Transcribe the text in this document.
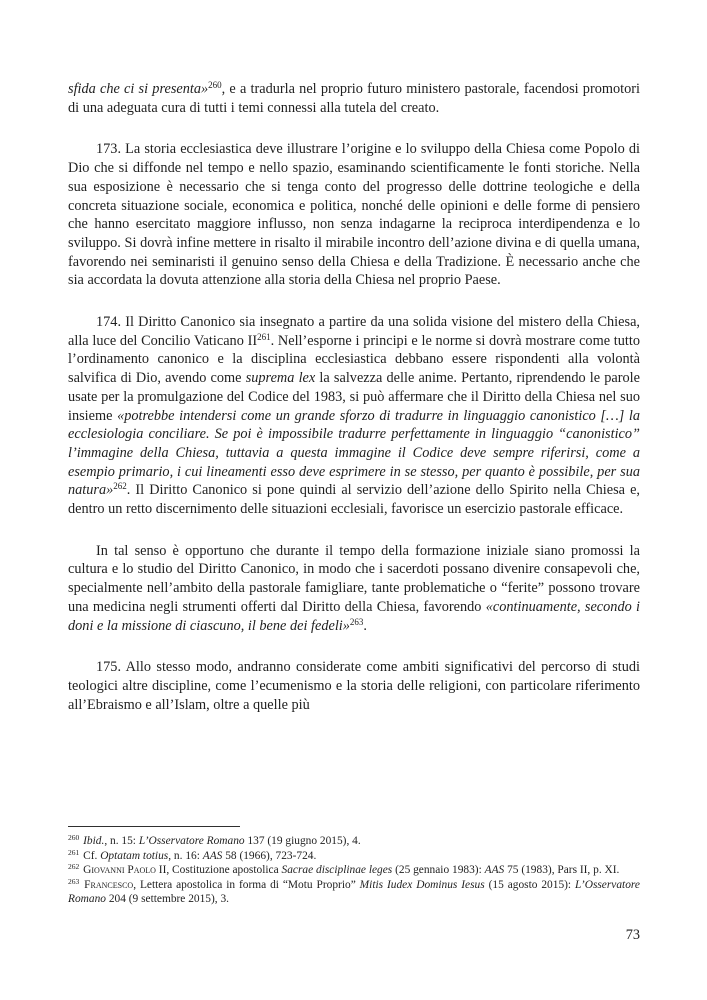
sfida che ci si presenta»$^{260}$, e a tradurla nel proprio futuro ministero pastorale, facendosi promotori di una adeguata cura di tutti i temi connessi alla tutela del creato.

173. La storia ecclesiastica deve illustrare l’origine e lo sviluppo della Chiesa come Popolo di Dio che si diffonde nel tempo e nello spazio, esaminando scientificamente le fonti storiche. Nella sua esposizione è necessario che si tenga conto del progresso delle dottrine teologiche e della concreta situazione sociale, economica e politica, nonché delle opinioni e delle forme di pensiero che hanno esercitato maggiore influsso, non senza indagarne la reciproca interdipendenza e lo sviluppo. Si dovrà infine mettere in risalto il mirabile incontro dell’azione divina e di quella umana, favorendo nei seminaristi il genuino senso della Chiesa e della Tradizione. È necessario anche che sia accordata la dovuta attenzione alla storia della Chiesa nel proprio Paese.

174. Il Diritto Canonico sia insegnato a partire da una solida visione del mistero della Chiesa, alla luce del Concilio Vaticano II$^{261}$. Nell’esporne i principi e le norme si dovrà mostrare come tutto l’ordinamento canonico e la disciplina ecclesiastica debbano essere rispondenti alla volontà salvifica di Dio, avendo come suprema lex la salvezza delle anime. Pertanto, riprendendo le parole usate per la promulgazione del Codice del 1983, si può affermare che il Diritto della Chiesa nel suo insieme «potrebbe intendersi come un grande sforzo di tradurre in linguaggio canonistico […] la ecclesiologia conciliare. Se poi è impossibile tradurre perfettamente in linguaggio “canonistico” l’immagine della Chiesa, tuttavia a questa immagine il Codice deve sempre riferirsi, come a esempio primario, i cui lineamenti esso deve esprimere in se stesso, per quanto è possibile, per sua natura»$^{262}$. Il Diritto Canonico si pone quindi al servizio dell’azione dello Spirito nella Chiesa e, dentro un retto discernimento delle situazioni ecclesiali, favorisce un esercizio pastorale efficace.

In tal senso è opportuno che durante il tempo della formazione iniziale siano promossi la cultura e lo studio del Diritto Canonico, in modo che i sacerdoti possano divenire consapevoli che, specialmente nell’ambito della pastorale famigliare, tante problematiche o “ferite” possono trovare una medicina negli strumenti offerti dal Diritto della Chiesa, favorendo «continuamente, secondo i doni e la missione di ciascuno, il bene dei fedeli»$^{263}$.

175. Allo stesso modo, andranno considerate come ambiti significativi del percorso di studi teologici altre discipline, come l’ecumenismo e la storia delle religioni, con particolare riferimento all’Ebraismo e all’Islam, oltre a quelle più

$^{260}$ Ibid., n. 15: L’Osservatore Romano 137 (19 giugno 2015), 4.
$^{261}$ Cf. Optatam totius, n. 16: AAS 58 (1966), 723-724.
$^{262}$ Giovanni Paolo II, Costituzione apostolica Sacrae disciplinae leges (25 gennaio 1983): AAS 75 (1983), Pars II, p. XI.
$^{263}$ Francesco, Lettera apostolica in forma di “Motu Proprio” Mitis Iudex Dominus Iesus (15 agosto 2015): L’Osservatore Romano 204 (9 settembre 2015), 3.
73
